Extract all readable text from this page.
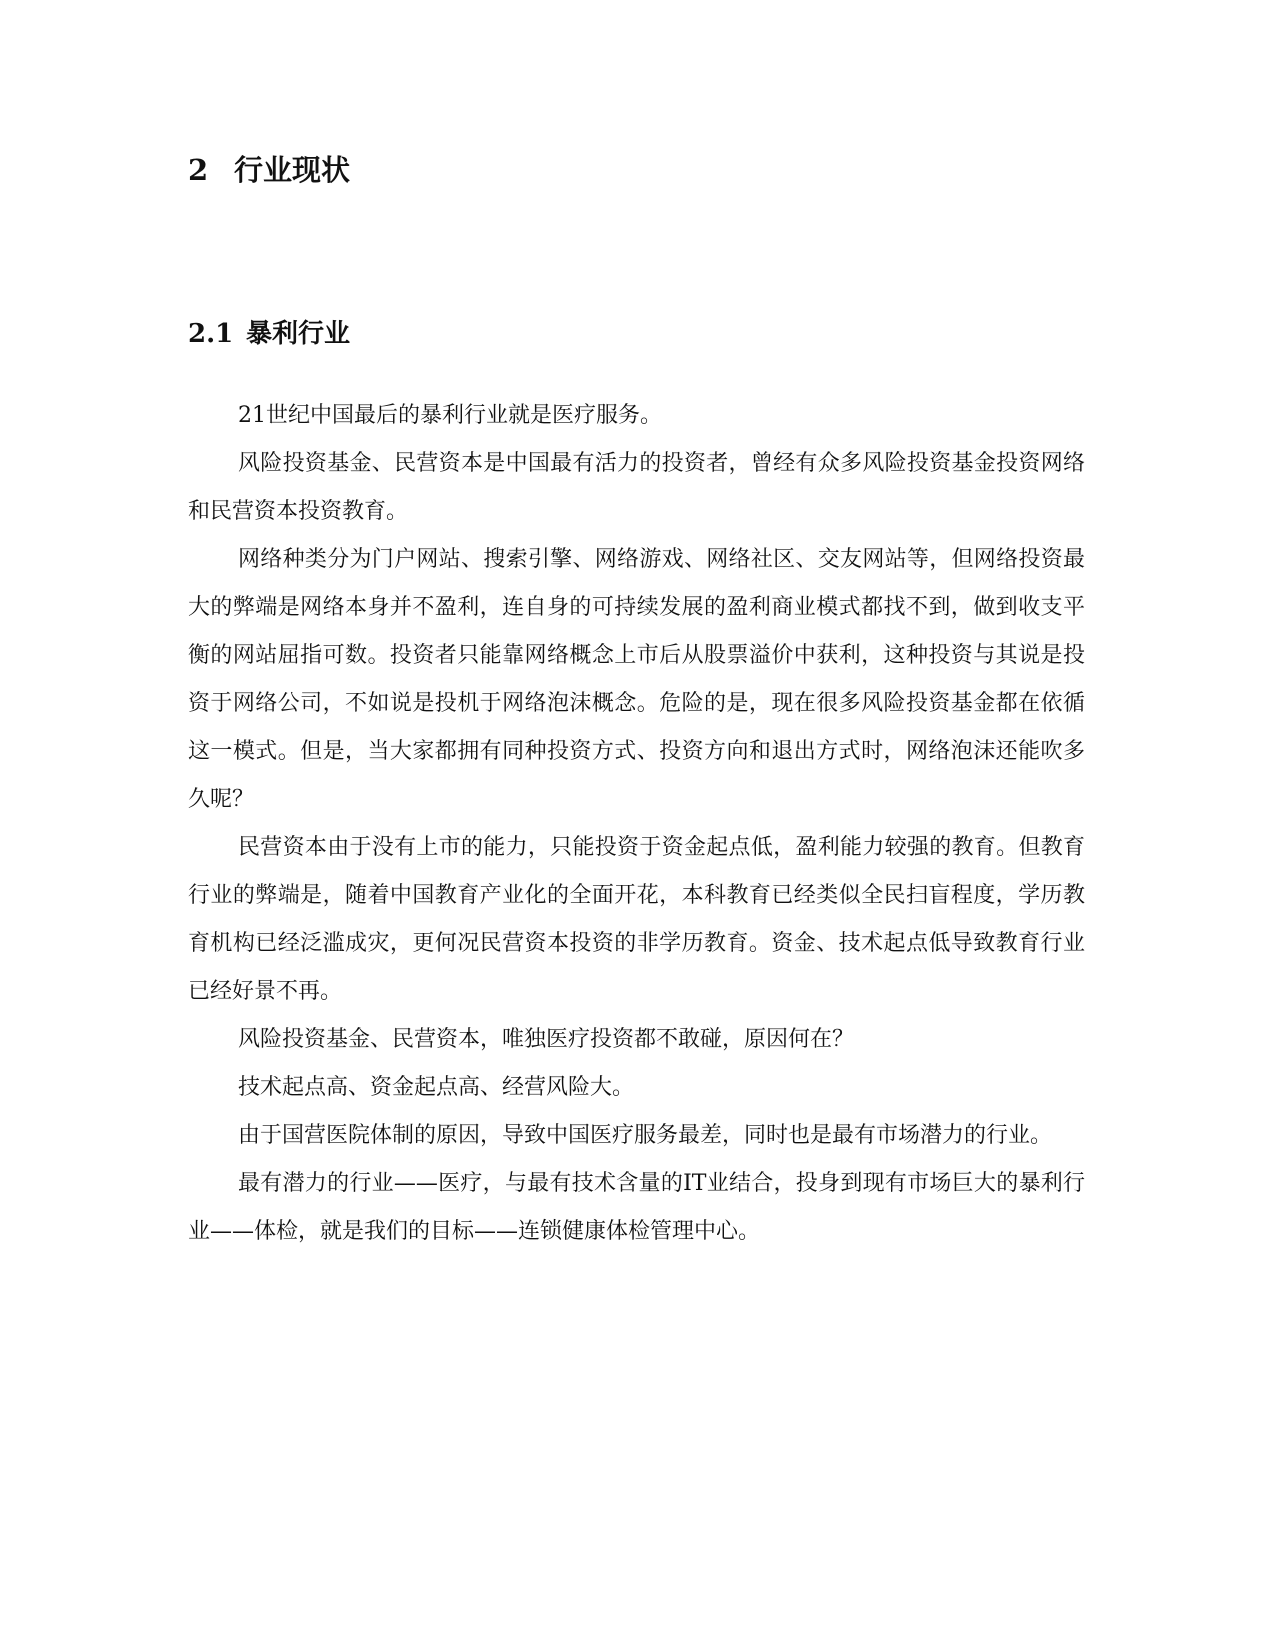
2 行业现状
2.1 暴利行业

21世纪中国最后的暴利行业就是医疗服务。

风险投资基金、民营资本是中国最有活力的投资者，曾经有众多风险投资基金投资网络和民营资本投资教育。

网络种类分为门户网站、搜索引擎、网络游戏、网络社区、交友网站等，但网络投资最大的弊端是网络本身并不盈利，连自身的可持续发展的盈利商业模式都找不到，做到收支平衡的网站屈指可数。投资者只能靠网络概念上市后从股票溢价中获利，这种投资与其说是投资于网络公司，不如说是投机于网络泡沫概念。危险的是，现在很多风险投资基金都在依循这一模式。但是，当大家都拥有同种投资方式、投资方向和退出方式时，网络泡沫还能吹多久呢？

民营资本由于没有上市的能力，只能投资于资金起点低，盈利能力较强的教育。但教育行业的弊端是，随着中国教育产业化的全面开花，本科教育已经类似全民扫盲程度，学历教育机构已经泛滥成灾，更何况民营资本投资的非学历教育。资金、技术起点低导致教育行业已经好景不再。

风险投资基金、民营资本，唯独医疗投资都不敢碰，原因何在？

技术起点高、资金起点高、经营风险大。

由于国营医院体制的原因，导致中国医疗服务最差，同时也是最有市场潜力的行业。

最有潜力的行业——医疗，与最有技术含量的IT业结合，投身到现有市场巨大的暴利行业——体检，就是我们的目标——连锁健康体检管理中心。
